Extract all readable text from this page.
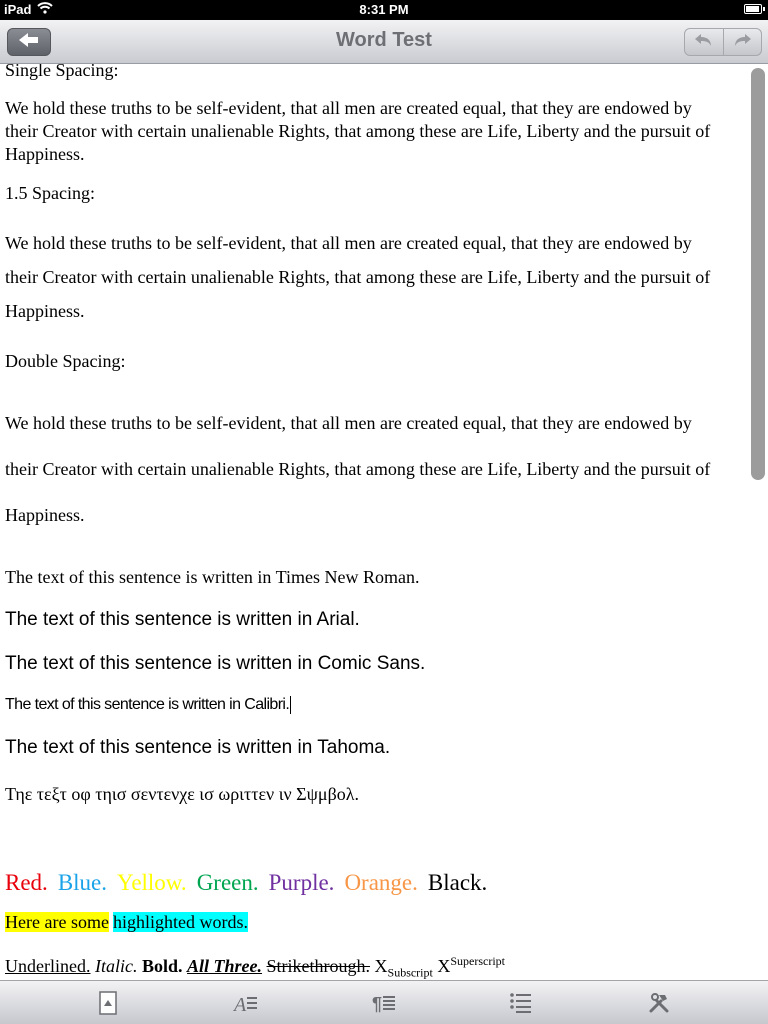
iPad	8:31 PM
Word Test
Single Spacing:
We hold these truths to be self-evident, that all men are created equal, that they are endowed by
their Creator with certain unalienable Rights, that among these are Life, Liberty and the pursuit of
Happiness.
1.5 Spacing:
We hold these truths to be self-evident, that all men are created equal, that they are endowed by
their Creator with certain unalienable Rights, that among these are Life, Liberty and the pursuit of
Happiness.
Double Spacing:
We hold these truths to be self-evident, that all men are created equal, that they are endowed by
their Creator with certain unalienable Rights, that among these are Life, Liberty and the pursuit of
Happiness.
The text of this sentence is written in Times New Roman.
The text of this sentence is written in Arial.
The text of this sentence is written in Comic Sans.
The text of this sentence is written in Calibri.
The text of this sentence is written in Tahoma.
Τηε τεξτ οφ τηισ σεντενχε ισ ωριττεν ιν Σψμβολ.
Red. Blue. Yellow. Green. Purple. Orange. Black.
Here are some highlighted words.
Underlined. Italic. Bold. All Three. Strikethrough. $X_{Subscript}$ $X^{Superscript}$
A	¶
